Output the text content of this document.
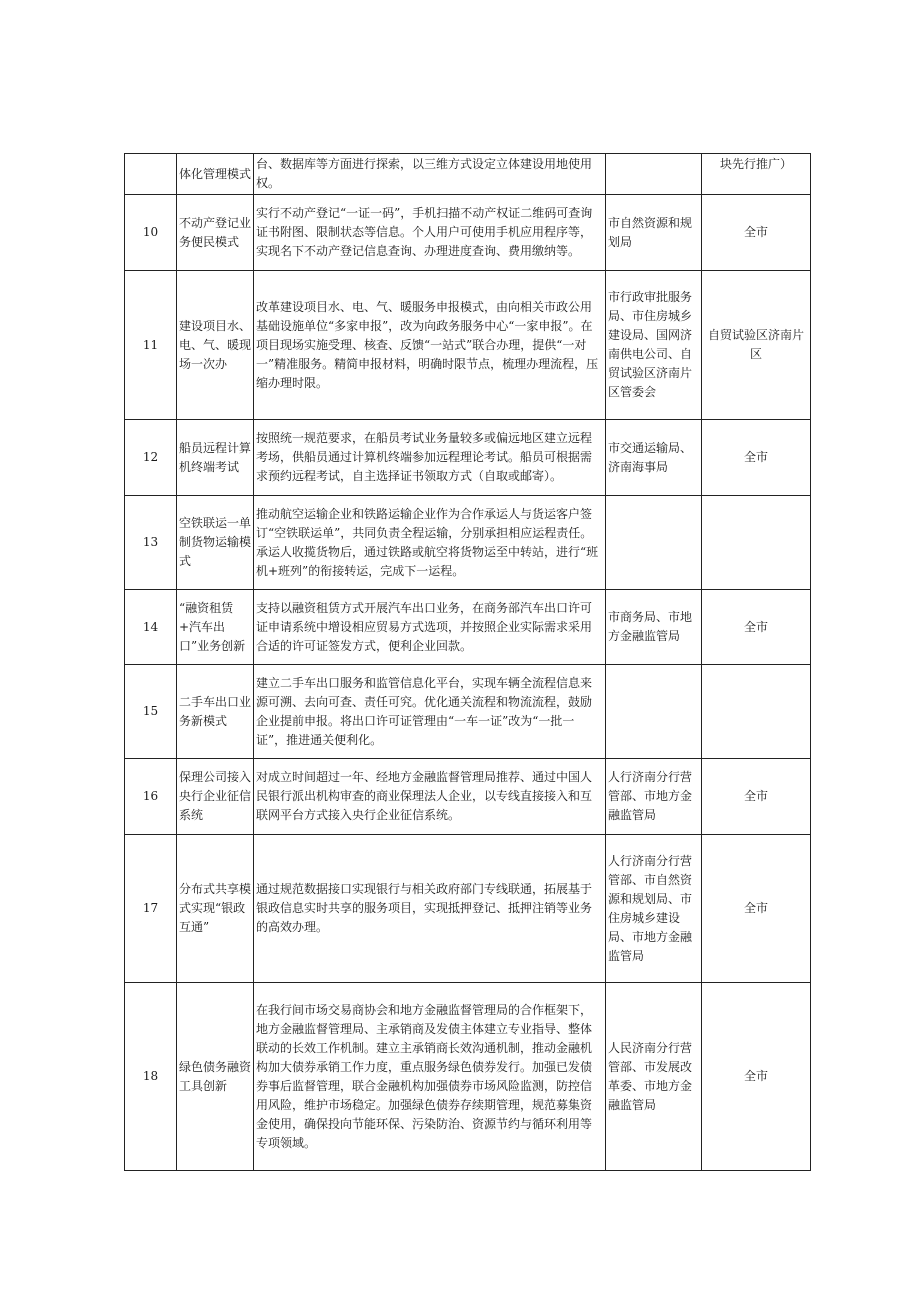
	体化管理模式	台、数据库等方面进行探索，以三维方式设定立体建设用地使用权。		块先行推广）
10	不动产登记业务便民模式	实行不动产登记“一证一码”，手机扫描不动产权证二维码可查询证书附图、限制状态等信息。个人用户可使用手机应用程序等，实现名下不动产登记信息查询、办理进度查询、费用缴纳等。	市自然资源和规划局	全市
11	建设项目水、电、气、暖现场一次办	改革建设项目水、电、气、暖服务申报模式，由向相关市政公用基础设施单位“多家申报”，改为向政务服务中心“一家申报”。在项目现场实施受理、核查、反馈“一站式”联合办理，提供“一对一”精准服务。精简申报材料，明确时限节点，梳理办理流程，压缩办理时限。	市行政审批服务局、市住房城乡建设局、国网济南供电公司、自贸试验区济南片区管委会	自贸试验区济南片区
12	船员远程计算机终端考试	按照统一规范要求，在船员考试业务量较多或偏远地区建立远程考场，供船员通过计算机终端参加远程理论考试。船员可根据需求预约远程考试，自主选择证书领取方式（自取或邮寄）。	市交通运输局、济南海事局	全市
13	空铁联运一单制货物运输模式	推动航空运输企业和铁路运输企业作为合作承运人与货运客户签订“空铁联运单”，共同负责全程运输，分别承担相应运程责任。承运人收揽货物后，通过铁路或航空将货物运至中转站，进行“班机+班列”的衔接转运，完成下一运程。		
14	“融资租赁+汽车出口”业务创新	支持以融资租赁方式开展汽车出口业务，在商务部汽车出口许可证申请系统中增设相应贸易方式选项，并按照企业实际需求采用合适的许可证签发方式，便利企业回款。	市商务局、市地方金融监管局	全市
15	二手车出口业务新模式	建立二手车出口服务和监管信息化平台，实现车辆全流程信息来源可溯、去向可查、责任可究。优化通关流程和物流流程，鼓励企业提前申报。将出口许可证管理由“一车一证”改为“一批一证”，推进通关便利化。		
16	保理公司接入央行企业征信系统	对成立时间超过一年、经地方金融监督管理局推荐、通过中国人民银行派出机构审查的商业保理法人企业，以专线直接接入和互联网平台方式接入央行企业征信系统。	人行济南分行营管部、市地方金融监管局	全市
17	分布式共享模式实现“银政互通”	通过规范数据接口实现银行与相关政府部门专线联通，拓展基于银政信息实时共享的服务项目，实现抵押登记、抵押注销等业务的高效办理。	人行济南分行营管部、市自然资源和规划局、市住房城乡建设局、市地方金融监管局	全市
18	绿色债务融资工具创新	在我行间市场交易商协会和地方金融监督管理局的合作框架下，地方金融监督管理局、主承销商及发债主体建立专业指导、整体联动的长效工作机制。建立主承销商长效沟通机制，推动金融机构加大债券承销工作力度，重点服务绿色债券发行。加强已发债券事后监督管理，联合金融机构加强债券市场风险监测，防控信用风险，维护市场稳定。加强绿色债券存续期管理，规范募集资金使用，确保投向节能环保、污染防治、资源节约与循环利用等专项领域。	人民济南分行营管部、市发展改革委、市地方金融监管局	全市
